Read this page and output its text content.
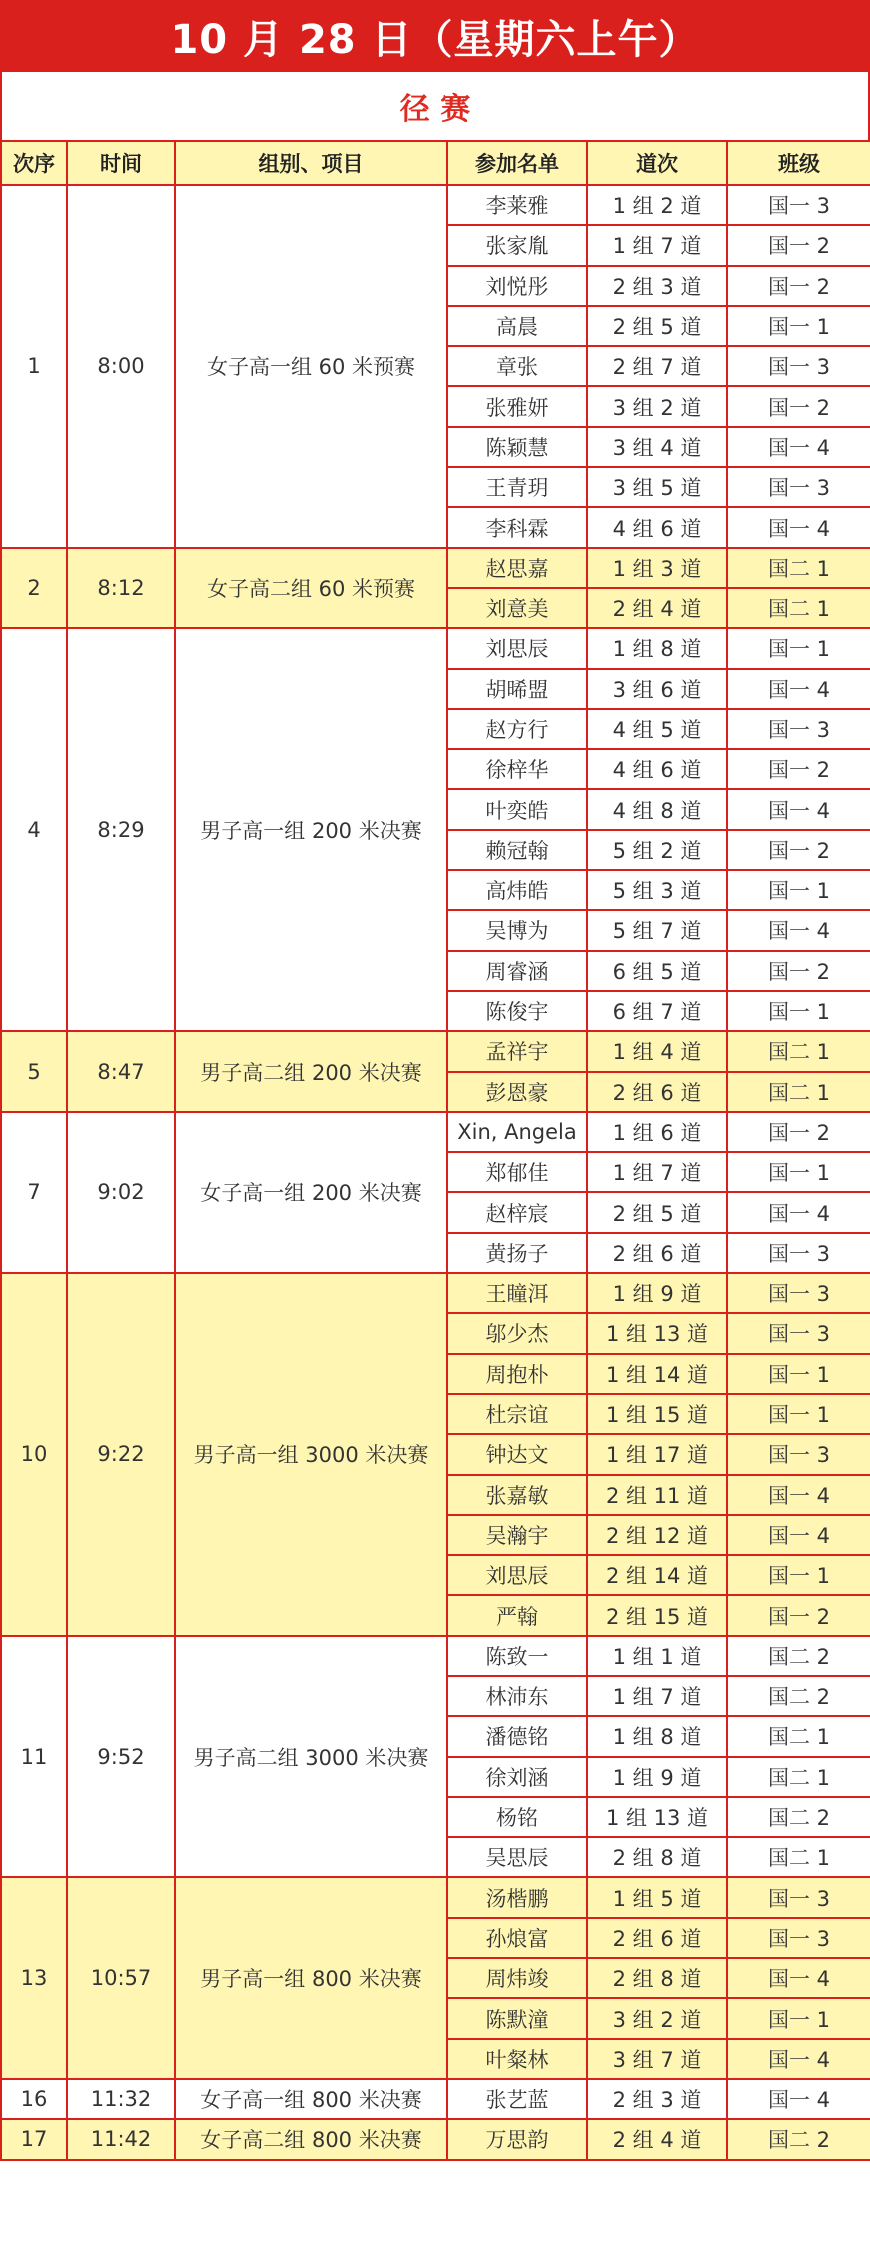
10 月 28 日（星期六上午）
径 赛
次序	时间	组别、项目	参加名单	道次	班级
1	8:00	女子高一组 60 米预赛	李莱雅	1 组 2 道	国一 3
			张家胤	1 组 7 道	国一 2
			刘悦彤	2 组 3 道	国一 2
			高晨	2 组 5 道	国一 1
			章张	2 组 7 道	国一 3
			张雅妍	3 组 2 道	国一 2
			陈颖慧	3 组 4 道	国一 4
			王青玥	3 组 5 道	国一 3
			李科霖	4 组 6 道	国一 4
2	8:12	女子高二组 60 米预赛	赵思嘉	1 组 3 道	国二 1
			刘意美	2 组 4 道	国二 1
4	8:29	男子高一组 200 米决赛	刘思辰	1 组 8 道	国一 1
			胡晞盟	3 组 6 道	国一 4
			赵方行	4 组 5 道	国一 3
			徐梓华	4 组 6 道	国一 2
			叶奕皓	4 组 8 道	国一 4
			赖冠翰	5 组 2 道	国一 2
			高炜皓	5 组 3 道	国一 1
			吴博为	5 组 7 道	国一 4
			周睿涵	6 组 5 道	国一 2
			陈俊宇	6 组 7 道	国一 1
5	8:47	男子高二组 200 米决赛	孟祥宇	1 组 4 道	国二 1
			彭恩豪	2 组 6 道	国二 1
7	9:02	女子高一组 200 米决赛	Xin, Angela	1 组 6 道	国一 2
			郑郁佳	1 组 7 道	国一 1
			赵梓宸	2 组 5 道	国一 4
			黄扬子	2 组 6 道	国一 3
10	9:22	男子高一组 3000 米决赛	王瞳洱	1 组 9 道	国一 3
			邬少杰	1 组 13 道	国一 3
			周抱朴	1 组 14 道	国一 1
			杜宗谊	1 组 15 道	国一 1
			钟达文	1 组 17 道	国一 3
			张嘉敏	2 组 11 道	国一 4
			吴瀚宇	2 组 12 道	国一 4
			刘思辰	2 组 14 道	国一 1
			严翰	2 组 15 道	国一 2
11	9:52	男子高二组 3000 米决赛	陈致一	1 组 1 道	国二 2
			林沛东	1 组 7 道	国二 2
			潘德铭	1 组 8 道	国二 1
			徐刘涵	1 组 9 道	国二 1
			杨铭	1 组 13 道	国二 2
			吴思辰	2 组 8 道	国二 1
13	10:57	男子高一组 800 米决赛	汤楷鹏	1 组 5 道	国一 3
			孙烺富	2 组 6 道	国一 3
			周炜竣	2 组 8 道	国一 4
			陈默潼	3 组 2 道	国一 1
			叶粲林	3 组 7 道	国一 4
16	11:32	女子高一组 800 米决赛	张艺蓝	2 组 3 道	国一 4
17	11:42	女子高二组 800 米决赛	万思韵	2 组 4 道	国二 2
